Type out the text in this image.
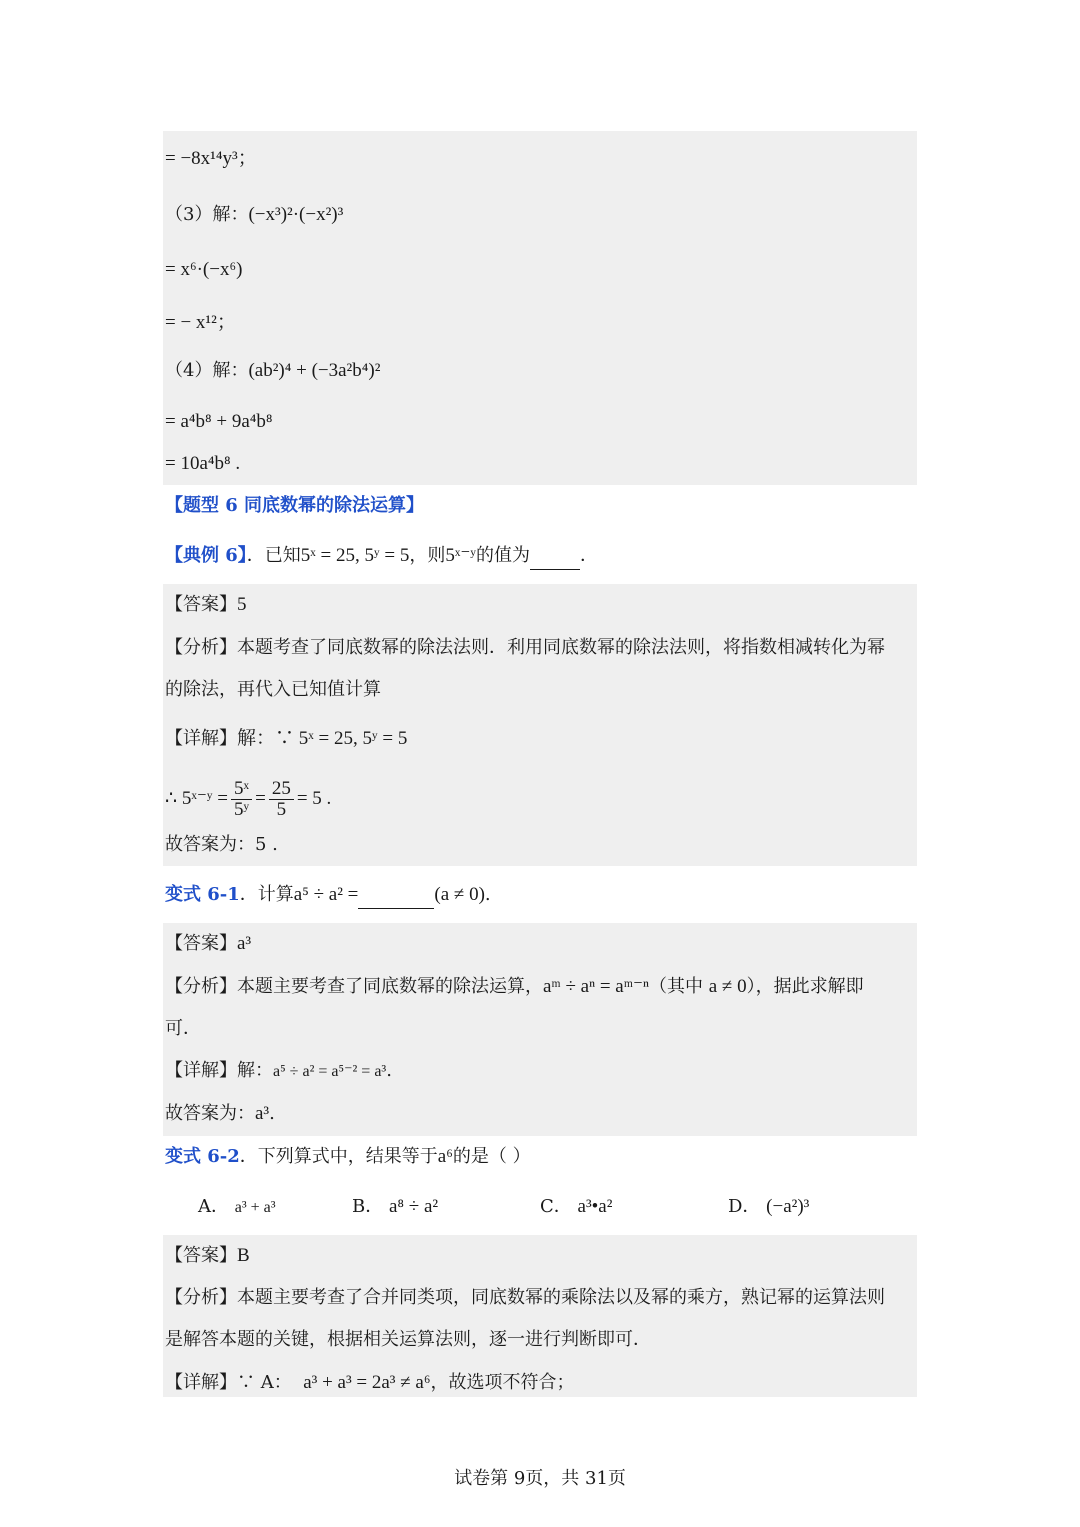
= −8x¹⁴y³；
（3）解：(−x³)²·(−x²)³
= x⁶·(−x⁶)
= − x¹²；
（4）解：(ab²)⁴ + (−3a²b⁴)²
= a⁴b⁸ + 9a⁴b⁸
= 10a⁴b⁸ .
【题型 6 同底数幂的除法运算】
【典例 6】．已知5ˣ = 25, 5ʸ = 5，则5ˣ⁻ʸ的值为	．
【答案】5
【分析】本题考查了同底数幂的除法法则．利用同底数幂的除法法则，将指数相减转化为幂
的除法，再代入已知值计算
【详解】解：∵ 5ˣ = 25, 5ʸ = 5
∴ 5ˣ⁻ʸ = $\frac{\text{5ˣ}}{\text{5ʸ}} = \frac{25}{5} = 5$ .
故答案为：5 .
变式 6-1．计算a⁵ ÷ a² =	(a ≠ 0).
【答案】a³
【分析】本题主要考查了同底数幂的除法运算，aᵐ ÷ aⁿ = aᵐ⁻ⁿ（其中 a ≠ 0），据此求解即
可．
【详解】解：a⁵ ÷ a² = a⁵⁻² = a³.
故答案为：a³.
变式 6-2．下列算式中，结果等于a⁶的是（ ）
A． a³ + a³	B． a⁸ ÷ a²	C． a³•a²	D． (−a²)³
【答案】B
【分析】本题主要考查了合并同类项，同底数幂的乘除法以及幂的乘方，熟记幂的运算法则
是解答本题的关键，根据相关运算法则，逐一进行判断即可．
【详解】∵ A： a³ + a³ = 2a³ ≠ a⁶，故选项不符合；
试卷第 9页，共 31页
